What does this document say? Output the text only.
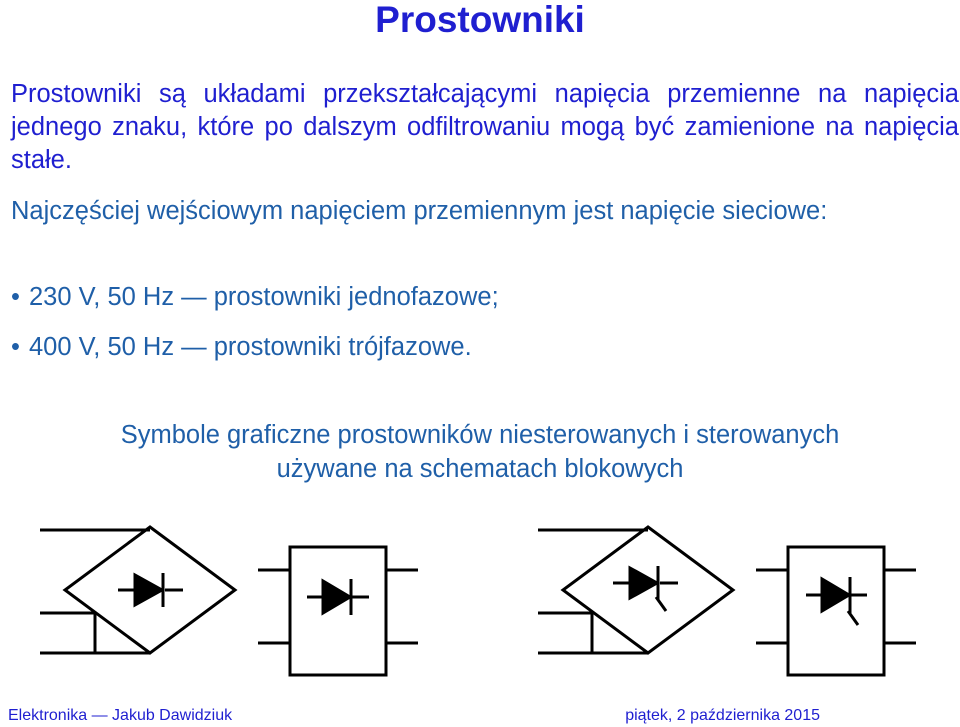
Prostowniki
Prostowniki są układami przekształcającymi napięcia przemienne na napięcia jednego znaku, które po dalszym odfiltrowaniu mogą być zamienione na napięcia stałe.
Najczęściej wejściowym napięciem przemiennym jest napięcie sieciowe:
• 230 V, 50 Hz — prostowniki jednofazowe;
• 400 V, 50 Hz — prostowniki trójfazowe.
Symbole graficzne prostowników niesterowanych i sterowanych
używane na schematach blokowych
Elektronika — Jakub Dawidziuk	piątek, 2 października 2015
